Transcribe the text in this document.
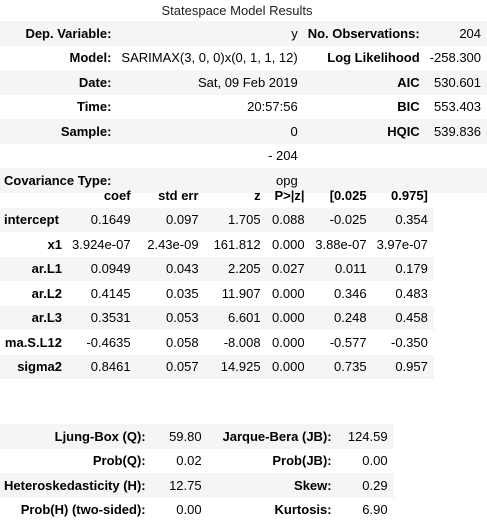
Statespace Model Results
Dep. Variable:	y	No. Observations:	204
Model:	SARIMAX(3, 0, 0)x(0, 1, 1, 12)	Log Likelihood	-258.300
Date:	Sat, 09 Feb 2019	AIC	530.601
Time:	20:57:56	BIC	553.403
Sample:	0	HQIC	539.836
	- 204		
Covariance Type:	opg		
	coef	std err	z	P>|z|	[0.025	0.975]
intercept	0.1649	0.097	1.705	0.088	-0.025	0.354
x1	3.924e-07	2.43e-09	161.812	0.000	3.88e-07	3.97e-07
ar.L1	0.0949	0.043	2.205	0.027	0.011	0.179
ar.L2	0.4145	0.035	11.907	0.000	0.346	0.483
ar.L3	0.3531	0.053	6.601	0.000	0.248	0.458
ma.S.L12	-0.4635	0.058	-8.008	0.000	-0.577	-0.350
sigma2	0.8461	0.057	14.925	0.000	0.735	0.957
Ljung-Box (Q):	59.80	Jarque-Bera (JB):	124.59
Prob(Q):	0.02	Prob(JB):	0.00
Heteroskedasticity (H):	12.75	Skew:	0.29
Prob(H) (two-sided):	0.00	Kurtosis:	6.90
